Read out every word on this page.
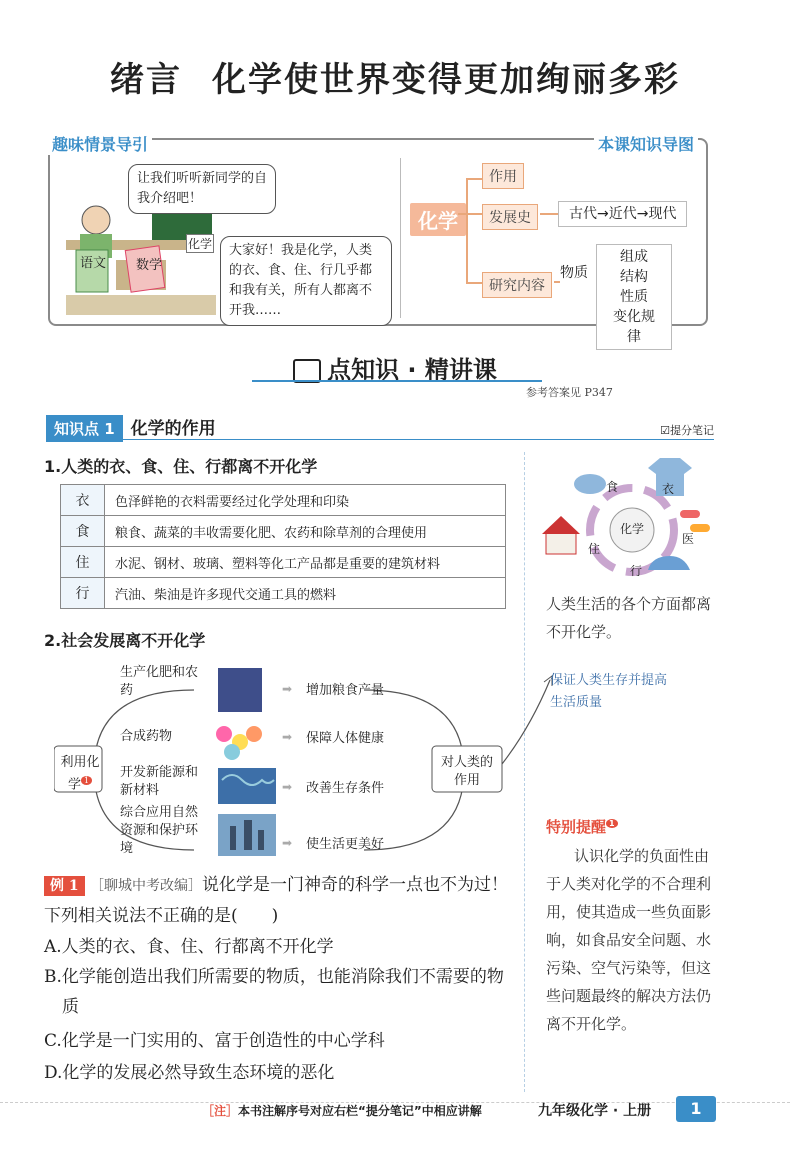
绪言 化学使世界变得更加绚丽多彩
趣味情景导引	本课知识导图
语文 数学
化学
让我们听听新同学的自我介绍吧！
大家好！我是化学，人类的衣、食、住、行几乎都和我有关，所有人都离不开我……
化学
作用
发展史	古代→近代→现代
研究内容
物质
组成
结构
性质
变化规律
点知识 · 精讲课
参考答案见 P347
知识点 1 化学的作用	☑提分笔记
1.人类的衣、食、住、行都离不开化学
衣	色泽鲜艳的衣料需要经过化学处理和印染
食	粮食、蔬菜的丰收需要化肥、农药和除草剂的合理使用
住	水泥、钢材、玻璃、塑料等化工产品都是重要的建筑材料
行	汽油、柴油是许多现代交通工具的燃料
化学
食	衣
医
住
行
人类生活的各个方面都离不开化学。
2.社会发展离不开化学
复合肥料
利用化学 $^1$
对人类的作用
生产化肥和农药
合成药物
开发新能源和新材料
综合应用自然资源和保护环境
➡
➡
➡
➡
增加粮食产量
保障人体健康
改善生存条件
使生活更美好
保证人类生存并提高生活质量
例 1 ［聊城中考改编］说化学是一门神奇的科学一点也不为过！下列相关说法不正确的是(　　)
A.人类的衣、食、住、行都离不开化学
B.化学能创造出我们所需要的物质，也能消除我们不需要的物质
C.化学是一门实用的、富于创造性的中心学科
D.化学的发展必然导致生态环境的恶化
特别提醒 $^1$
认识化学的负面性由于人类对化学的不合理利用，使其造成一些负面影响，如食品安全问题、水污染、空气污染等，但这些问题最终的解决方法仍离不开化学。
［注］本书注解序号对应右栏“提分笔记”中相应讲解	九年级化学 · 上册	1
